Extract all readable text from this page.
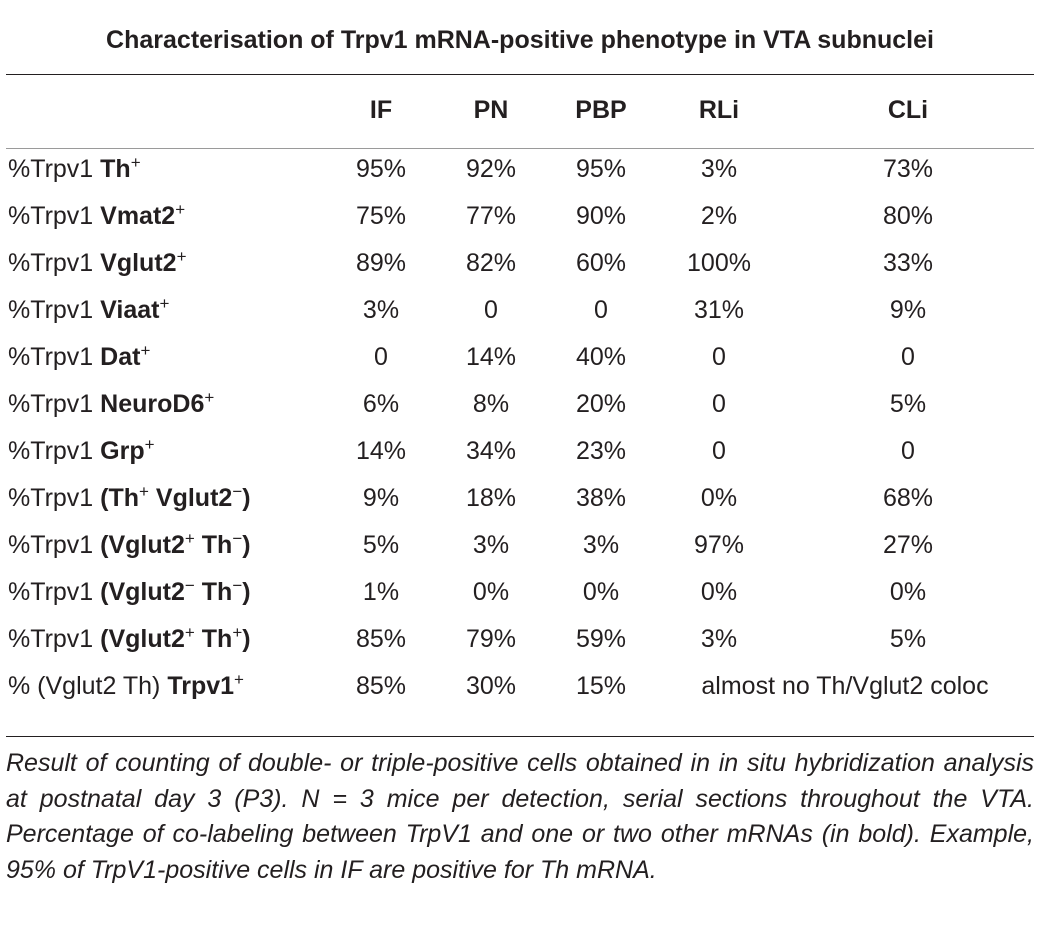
Characterisation of Trpv1 mRNA-positive phenotype in VTA subnuclei
	IF	PN	PBP	RLi	CLi

%Trpv1 Th+	95%	92%	95%	3%	73%
%Trpv1 Vmat2+	75%	77%	90%	2%	80%
%Trpv1 Vglut2+	89%	82%	60%	100%	33%
%Trpv1 Viaat+	3%	0	0	31%	9%
%Trpv1 Dat+	0	14%	40%	0	0
%Trpv1 NeuroD6+	6%	8%	20%	0	5%
%Trpv1 Grp+	14%	34%	23%	0	0
%Trpv1 (Th+ Vglut2−)	9%	18%	38%	0%	68%
%Trpv1 (Vglut2+ Th−)	5%	3%	3%	97%	27%
%Trpv1 (Vglut2− Th−)	1%	0%	0%	0%	0%
%Trpv1 (Vglut2+ Th+)	85%	79%	59%	3%	5%
% (Vglut2 Th) Trpv1+	85%	30%	15%	almost no Th/Vglut2 coloc	
Result of counting of double- or triple-positive cells obtained in in situ hybridization analysis at postnatal day 3 (P3). N = 3 mice per detection, serial sections throughout the VTA. Percentage of co-labeling between TrpV1 and one or two other mRNAs (in bold). Example, 95% of TrpV1-positive cells in IF are positive for Th mRNA.
